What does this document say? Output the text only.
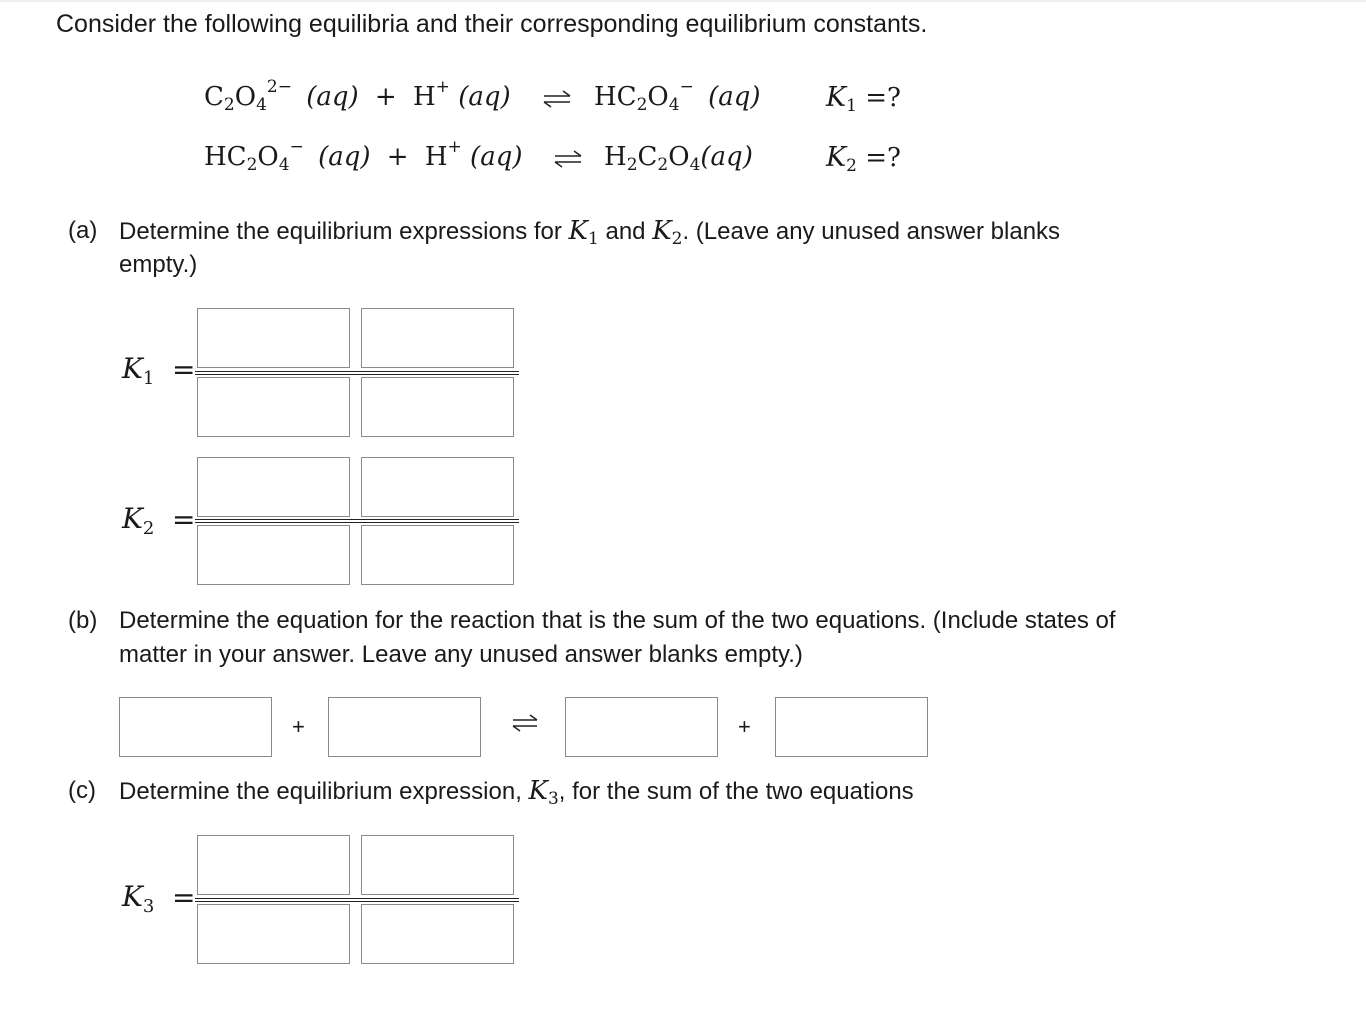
Consider the following equilibria and their corresponding equilibrium constants.
$C_2O_4^{2-}$ (aq) + H+ (aq) ⇌ $HC_2O_4^-$ (aq) $K_1$ =?
$HC_2O_4^-$ (aq) + H+ (aq) ⇌ $H_2C_2O_4(aq)$	$K_2$ =?
(a) Determine the equilibrium expressions for $K_1$ and $K_2$. (Leave any unused answer blanks
empty.)
$K_1$ =
$K_2$ =
(b) Determine the equation for the reaction that is the sum of the two equations. (Include states of
matter in your answer. Leave any unused answer blanks empty.)
+	+
(c) Determine the equilibrium expression, $K_3$, for the sum of the two equations
$K_3$ =
